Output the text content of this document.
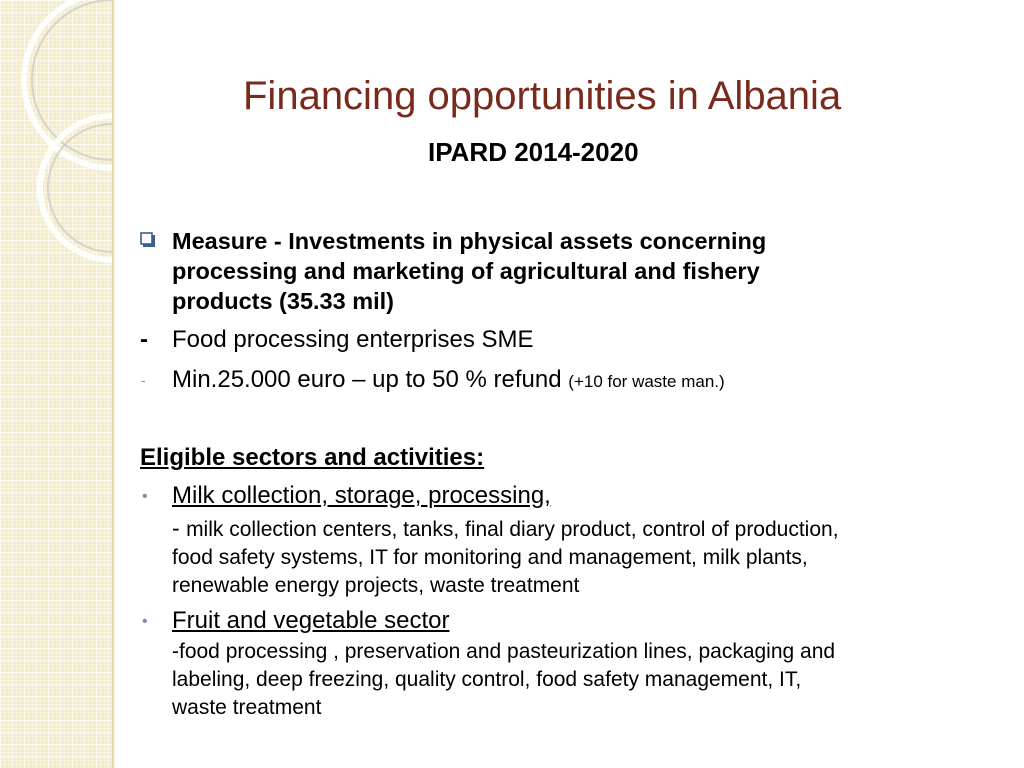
Financing opportunities in Albania
IPARD 2014-2020
Measure - Investments in physical assets concerning
processing and marketing of agricultural and fishery
products (35.33 mil)
- Food processing enterprises SME
- Min.25.000 euro – up to 50 % refund (+10 for waste man.)
Eligible sectors and activities:
• Milk collection, storage, processing,
- milk collection centers, tanks, final diary product, control of production,
food safety systems, IT for monitoring and management, milk plants,
renewable energy projects, waste treatment
• Fruit and vegetable sector
-food processing , preservation and pasteurization lines, packaging and
labeling, deep freezing, quality control, food safety management, IT,
waste treatment
